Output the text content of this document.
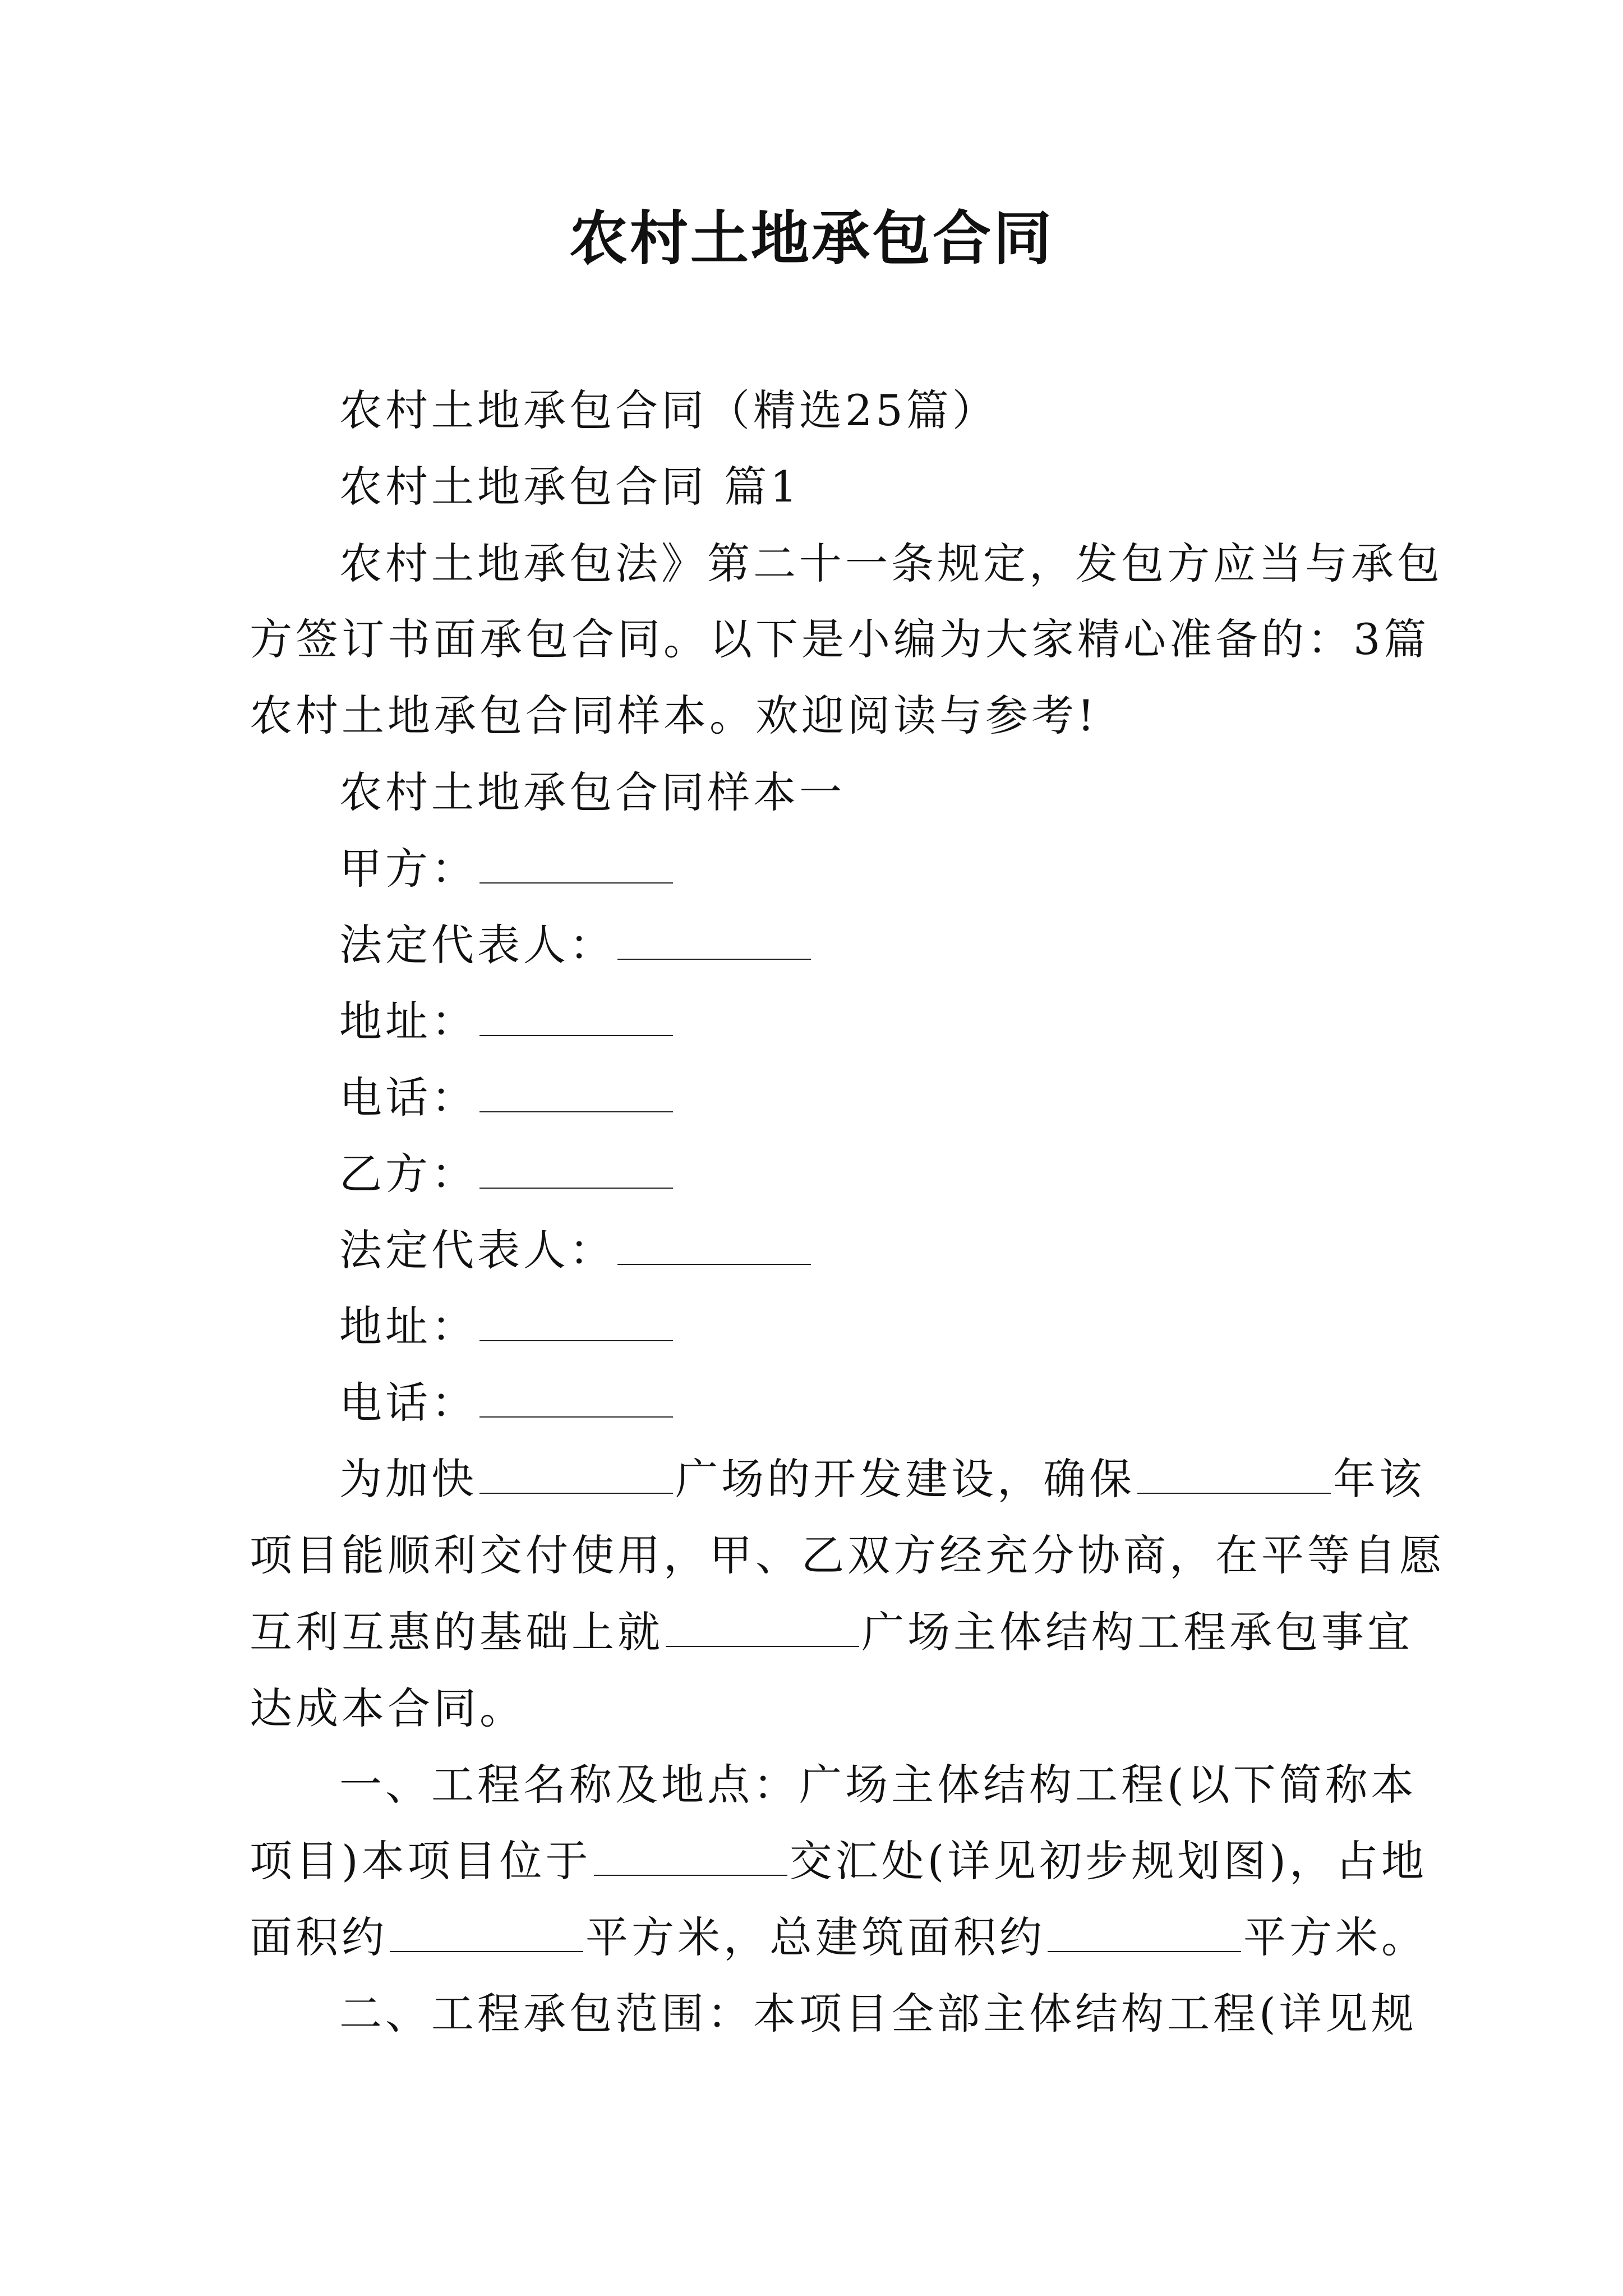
农村土地承包合同
农村土地承包合同（精选25篇）
农村土地承包合同 篇1
农村土地承包法》第二十一条规定，发包方应当与承包
方签订书面承包合同。以下是小编为大家精心准备的：3篇
农村土地承包合同样本。欢迎阅读与参考!
农村土地承包合同样本一
甲方：
法定代表人：
地址：
电话：
乙方：
法定代表人：
地址：
电话：
为加快	广场的开发建设，确保	年该
项目能顺利交付使用，甲、乙双方经充分协商，在平等自愿
互利互惠的基础上就	广场主体结构工程承包事宜
达成本合同。
一、工程名称及地点：广场主体结构工程(以下简称本
项目)本项目位于	交汇处(详见初步规划图)，占地
面积约	平方米，总建筑面积约	平方米。
二、工程承包范围：本项目全部主体结构工程(详见规
